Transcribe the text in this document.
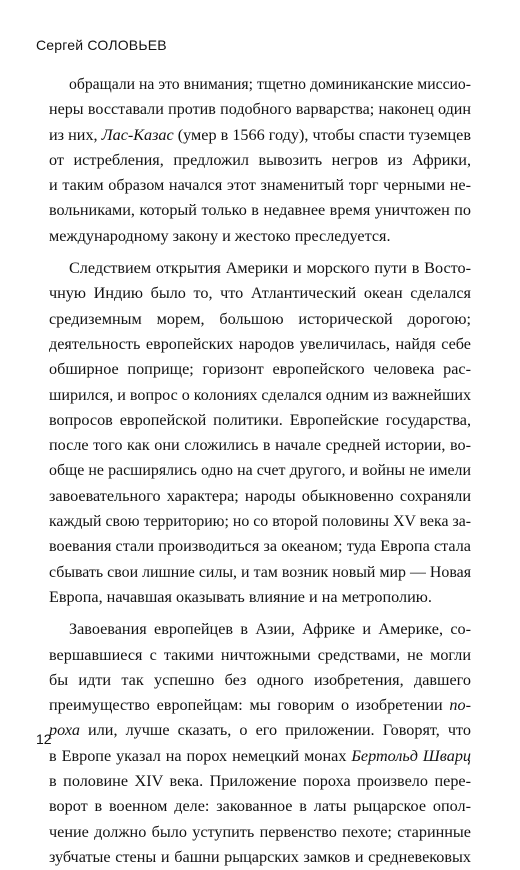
Сергей СОЛОВЬЕВ

обращали на это внимания; тщетно доминиканские миссио-
неры восставали против подобного варварства; наконец один
из них, Лас-Казас (умер в 1566 году), чтобы спасти туземцев
от истребления, предложил вывозить негров из Африки,
и таким образом начался этот знаменитый торг черными не-
вольниками, который только в недавнее время уничтожен по
международному закону и жестоко преследуется.
Следствием открытия Америки и морского пути в Восто-
чную Индию было то, что Атлантический океан сделался
средиземным морем, большою исторической дорогою;
деятельность европейских народов увеличилась, найдя себе
обширное поприще; горизонт европейского человека рас-
ширился, и вопрос о колониях сделался одним из важнейших
вопросов европейской политики. Европейские государства,
после того как они сложились в начале средней истории, во-
обще не расширялись одно на счет другого, и войны не имели
завоевательного характера; народы обыкновенно сохраняли
каждый свою территорию; но со второй половины XV века за-
воевания стали производиться за океаном; туда Европа стала
сбывать свои лишние силы, и там возник новый мир — Новая
Европа, начавшая оказывать влияние и на метрополию.
Завоевания европейцев в Азии, Африке и Америке, со-
вершавшиеся с такими ничтожными средствами, не могли
бы идти так успешно без одного изобретения, давшего
преимущество европейцам: мы говорим о изобретении по-
роха или, лучше сказать, о его приложении. Говорят, что
в Европе указал на порох немецкий монах Бертольд Шварц
в половине XIV века. Приложение пороха произвело пере-
ворот в военном деле: закованное в латы рыцарское опол-
чение должно было уступить первенство пехоте; старинные
зубчатые стены и башни рыцарских замков и средневековых

12
